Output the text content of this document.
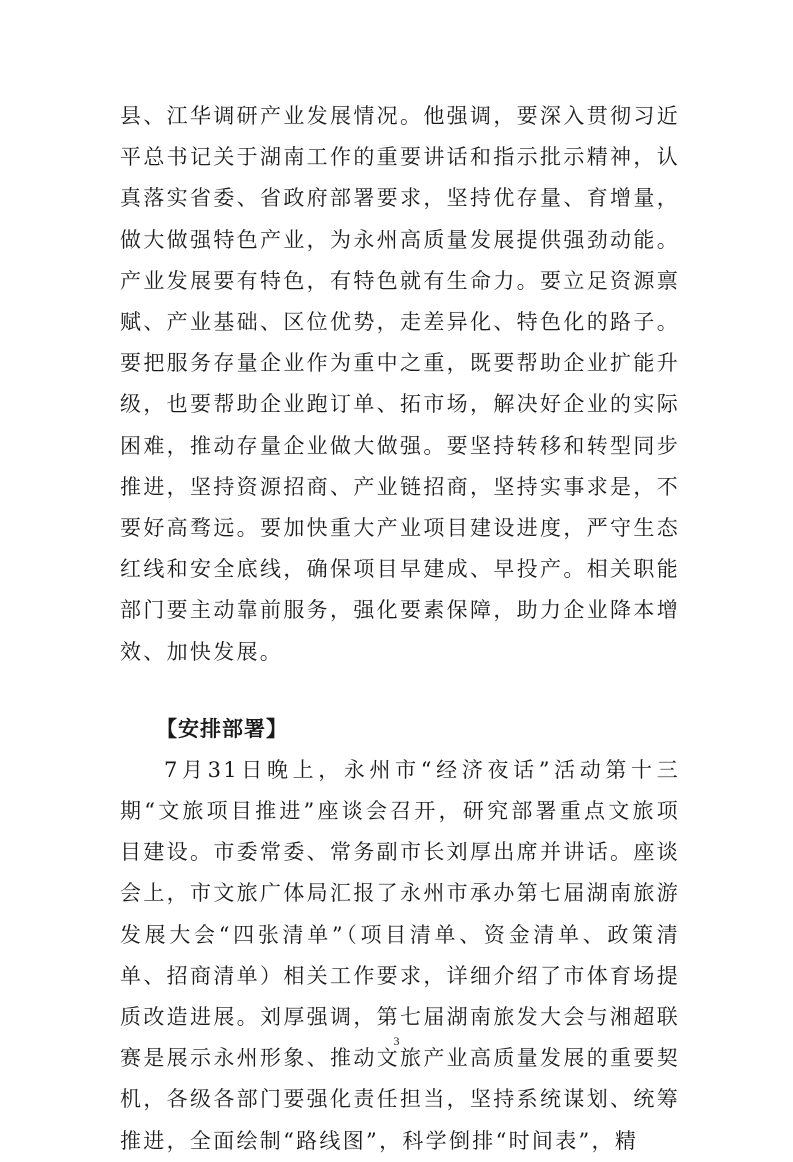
县、江华调研产业发展情况。他强调，要深入贯彻习近平总书记关于湖南工作的重要讲话和指示批示精神，认真落实省委、省政府部署要求，坚持优存量、育增量，做大做强特色产业，为永州高质量发展提供强劲动能。产业发展要有特色，有特色就有生命力。要立足资源禀赋、产业基础、区位优势，走差异化、特色化的路子。要把服务存量企业作为重中之重，既要帮助企业扩能升级，也要帮助企业跑订单、拓市场，解决好企业的实际困难，推动存量企业做大做强。要坚持转移和转型同步推进，坚持资源招商、产业链招商，坚持实事求是，不要好高骛远。要加快重大产业项目建设进度，严守生态红线和安全底线，确保项目早建成、早投产。相关职能部门要主动靠前服务，强化要素保障，助力企业降本增效、加快发展。

【安排部署】

7月31日晚上，永州市“经济夜话”活动第十三期“文旅项目推进”座谈会召开，研究部署重点文旅项目建设。市委常委、常务副市长刘厚出席并讲话。座谈会上，市文旅广体局汇报了永州市承办第七届湖南旅游发展大会“四张清单”（项目清单、资金清单、政策清单、招商清单）相关工作要求，详细介绍了市体育场提质改造进展。刘厚强调，第七届湖南旅发大会与湘超联赛是展示永州形象、推动文旅产业高质量发展的重要契机，各级各部门要强化责任担当，坚持系统谋划、统筹推进，全面绘制“路线图”，科学倒排“时间表”，精

3
